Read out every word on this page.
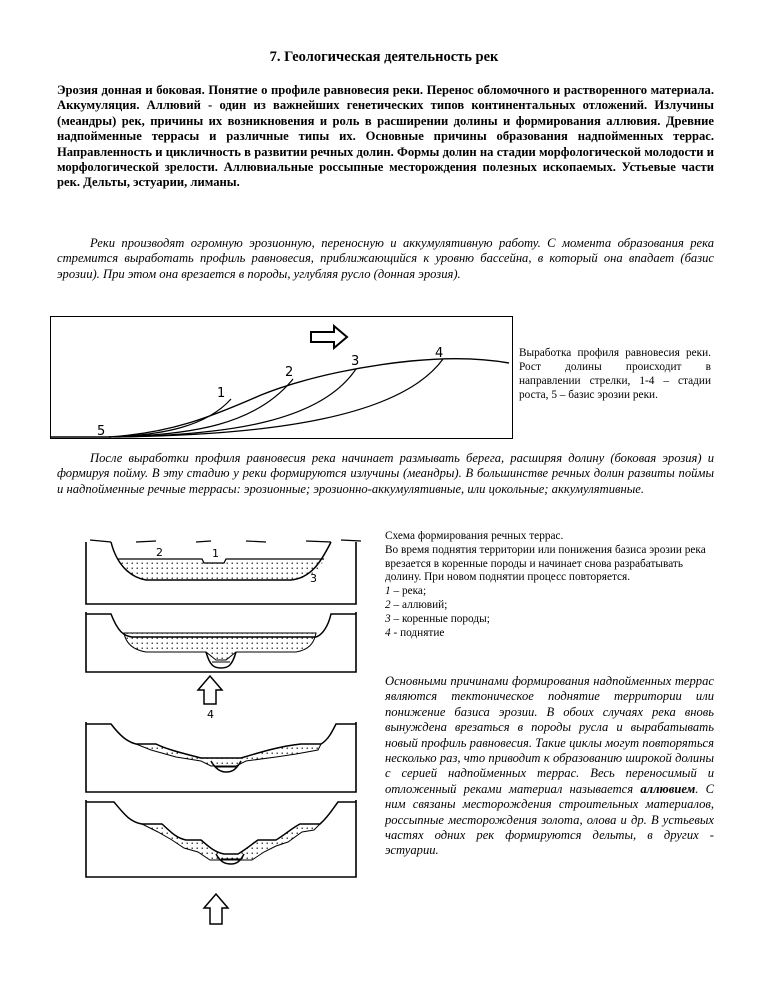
7. Геологическая деятельность рек

Эрозия донная и боковая. Понятие о профиле равновесия реки. Перенос обломочного и растворенного материала. Аккумуляция. Аллювий - один из важнейших генетических типов континентальных отложений. Излучины (меандры) рек, причины их возникновения и роль в расширении долины и формирования аллювия. Древние надпойменные террасы и различные типы их. Основные причины образования надпойменных террас. Направленность и цикличность в развитии речных долин. Формы долин на стадии морфологической молодости и морфологической зрелости. Аллювиальные россыпные месторождения полезных ископаемых. Устьевые части рек. Дельты, эстуарии, лиманы.

Реки производят огромную эрозионную, переносную и аккумулятивную работу. С момента образования река стремится выработать профиль равновесия, приближающийся к уровню бассейна, в который она впадает (базис эрозии). При этом она врезается в породы, углубляя русло (донная эрозия).

1
2
3
4
5

Выработка профиля равновесия реки. Рост долины происходит в направлении стрелки, 1-4 – стадии роста, 5 – базис эрозии реки.

После выработки профиля равновесия река начинает размывать берега, расширяя долину (боковая эрозия) и формируя пойму. В эту стадию у реки формируются излучины (меандры). В большинстве речных долин развиты поймы и надпойменные речные террасы: эрозионные; эрозионно-аккумулятивные, или цокольные; аккумулятивные.

2	1
3
4
Схема формирования речных террас.
Во время поднятия территории или понижения базиса эрозии река врезается в коренные породы и начинает снова разрабатывать долину. При новом поднятии процесс повторяется.
1 – река;
2 – аллювий;
3 – коренные породы;
4 - поднятие

Основными причинами формирования надпойменных террас являются тектоническое поднятие территории или понижение базиса эрозии. В обоих случаях река вновь вынуждена врезаться в породы русла и вырабатывать новый профиль равновесия. Такие циклы могут повторяться несколько раз, что приводит к образованию широкой долины с серией надпойменных террас. Весь переносимый и отложенный реками материал называется аллювием. С ним связаны месторождения строительных материалов, россыпные месторождения золота, олова и др. В устьевых частях одних рек формируются дельты, в других - эстуарии.
